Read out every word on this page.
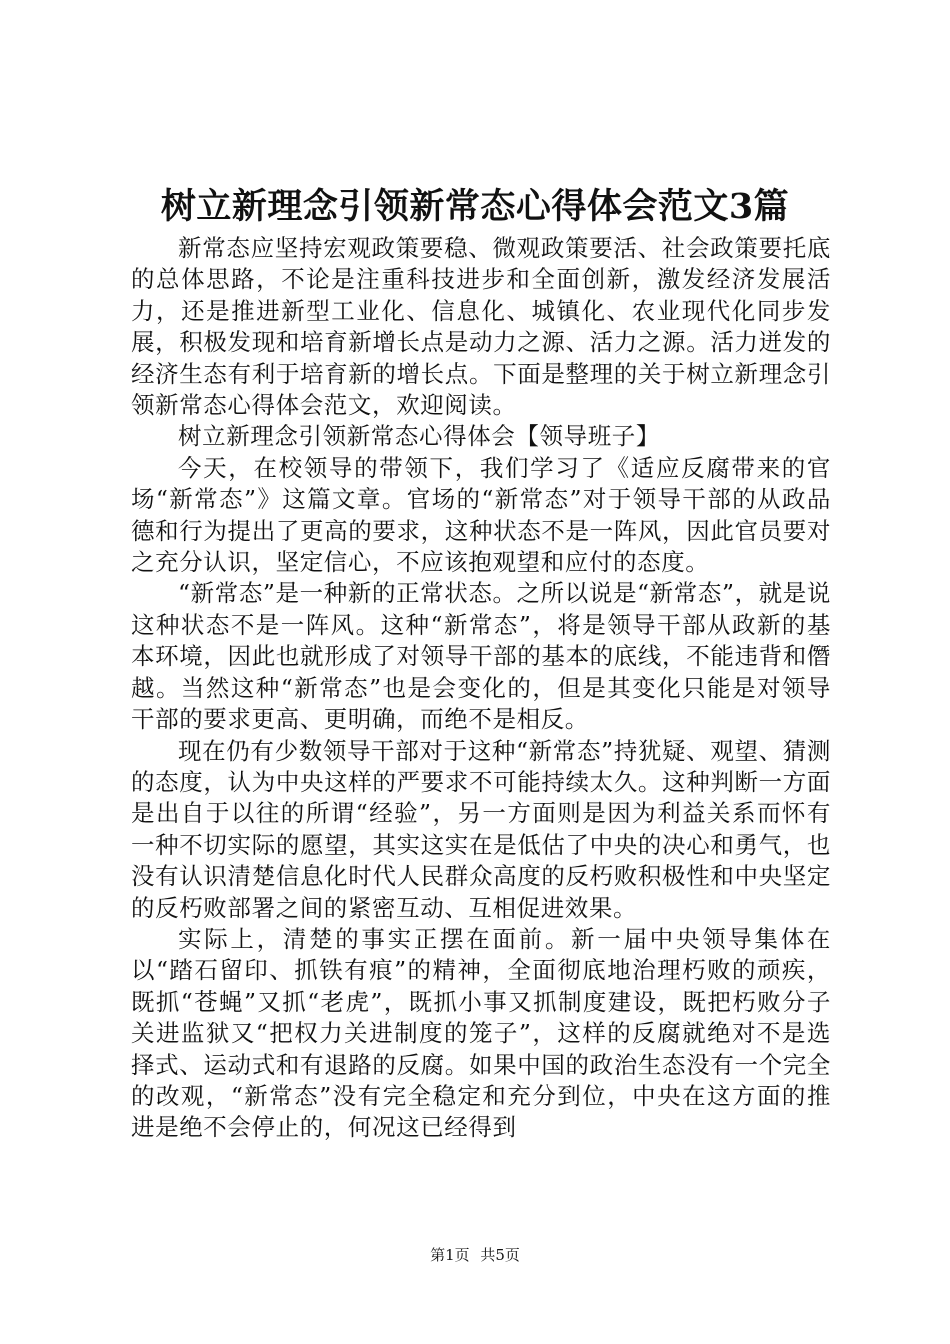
树立新理念引领新常态心得体会范文3篇

新常态应坚持宏观政策要稳、微观政策要活、社会政策要托底的总体思路，不论是注重科技进步和全面创新，激发经济发展活力，还是推进新型工业化、信息化、城镇化、农业现代化同步发展，积极发现和培育新增长点是动力之源、活力之源。活力迸发的经济生态有利于培育新的增长点。下面是整理的关于树立新理念引领新常态心得体会范文，欢迎阅读。

树立新理念引领新常态心得体会【领导班子】

今天，在校领导的带领下，我们学习了《适应反腐带来的官场“新常态”》这篇文章。官场的“新常态”对于领导干部的从政品德和行为提出了更高的要求，这种状态不是一阵风，因此官员要对之充分认识，坚定信心，不应该抱观望和应付的态度。

“新常态”是一种新的正常状态。之所以说是“新常态”，就是说这种状态不是一阵风。这种“新常态”，将是领导干部从政新的基本环境，因此也就形成了对领导干部的基本的底线，不能违背和僭越。当然这种“新常态”也是会变化的，但是其变化只能是对领导干部的要求更高、更明确，而绝不是相反。

现在仍有少数领导干部对于这种“新常态”持犹疑、观望、猜测的态度，认为中央这样的严要求不可能持续太久。这种判断一方面是出自于以往的所谓“经验”，另一方面则是因为利益关系而怀有一种不切实际的愿望，其实这实在是低估了中央的决心和勇气，也没有认识清楚信息化时代人民群众高度的反朽败积极性和中央坚定的反朽败部署之间的紧密互动、互相促进效果。

实际上，清楚的事实正摆在面前。新一届中央领导集体在以“踏石留印、抓铁有痕”的精神，全面彻底地治理朽败的顽疾，既抓“苍蝇”又抓“老虎”，既抓小事又抓制度建设，既把朽败分子关进监狱又“把权力关进制度的笼子”，这样的反腐就绝对不是选择式、运动式和有退路的反腐。如果中国的政治生态没有一个完全的改观，“新常态”没有完全稳定和充分到位，中央在这方面的推进是绝不会停止的，何况这已经得到

第1页 共5页
